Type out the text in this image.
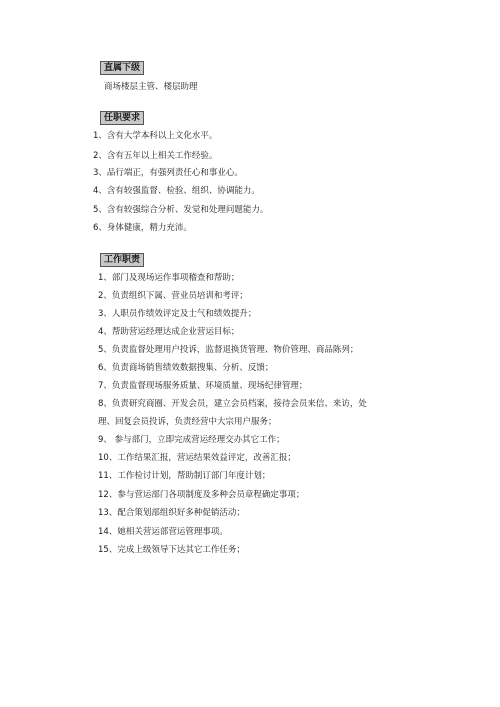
直属下级
商场楼层主管、楼层助理
任职要求
1、含有大学本科以上文化水平。
2、含有五年以上相关工作经验。
3、品行端正，有强列责任心和事业心。
4、含有较强监督、检验、组织、协调能力。
5、含有较强综合分析、发觉和处理问题能力。
6、身体健康，精力充沛。
工作职责
1、部门及现场运作事项稽查和帮助；
2、负责组织下属、营业员培训和考评；
3、人职员作绩效评定及士气和绩效提升；
4、帮助营运经理达成企业营运目标；
5、负责监督处理用户投诉，监督退换货管理、物价管理、商品陈列；
6、负责商场销售绩效数据搜集、分析、反馈；
7、负责监督现场服务质量、环境质量、现场纪律管理；
8、负责研究商圈、开发会员，建立会员档案，接待会员来信、来访，处理、回复会员投诉，负责经营中大宗用户服务；
9、 参与部门，立即完成营运经理交办其它工作；
10、工作结果汇报，营运结果效益评定，改善汇报；
11、工作检讨计划，帮助制订部门年度计划；
12、参与营运部门各项制度及多种会员章程确定事项；
13、配合策划部组织好多种促销活动；
14、她相关营运部营运管理事项。
15、完成上级领导下达其它工作任务；
